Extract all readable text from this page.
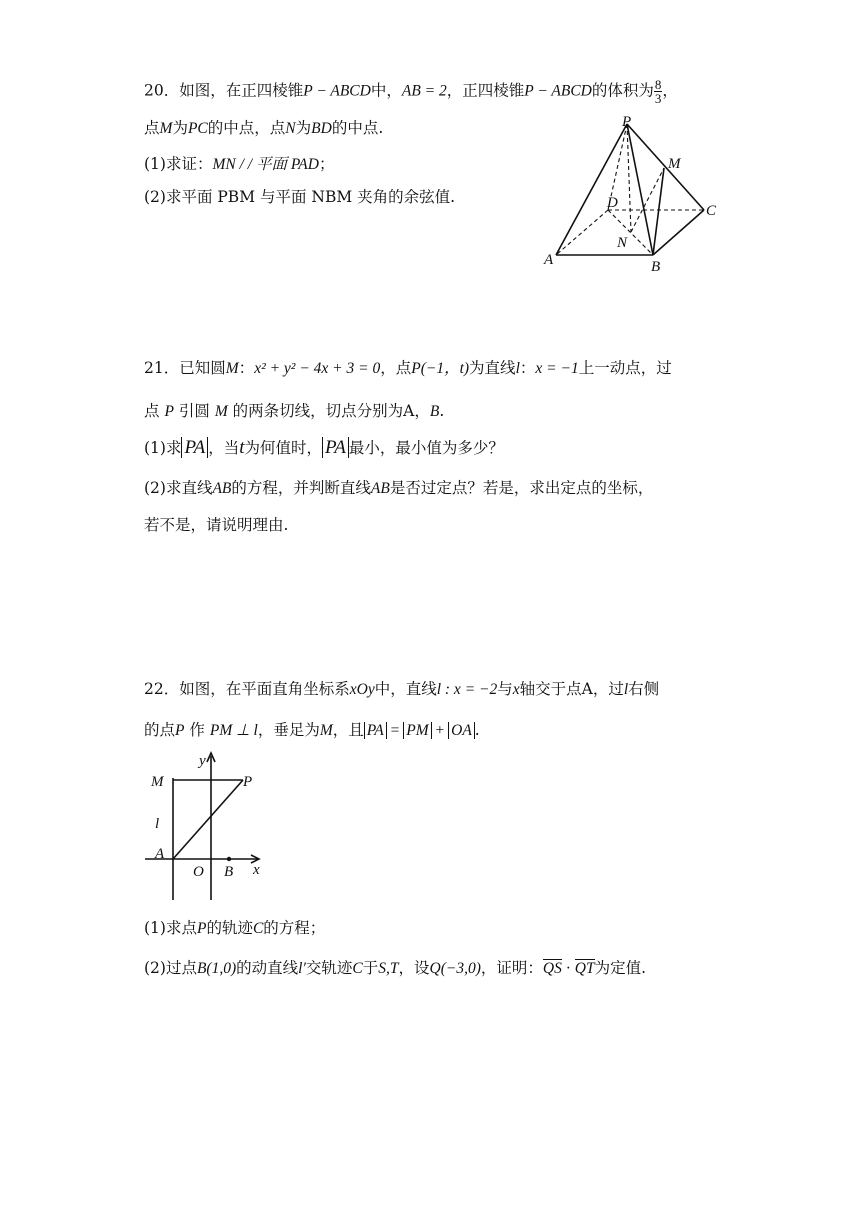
20．如图，在正四棱锥P − ABCD中，AB = 2，正四棱锥P − ABCD的体积为 $\frac{8}{3}$ ，
点M为PC的中点，点N为BD的中点.
(1)求证：MN / / 平面 PAD；
(2)求平面 PBM 与平面 NBM 夹角的余弦值.
P
M
D	C
N
A	B
21．已知圆M：x² + y² − 4x + 3 = 0，点P(−1，t)为直线l：x = −1上一动点，过
点 P 引圆 M 的两条切线，切点分别为A，B.
(1)求 PA ，当t为何值时， PA 最小，最小值为多少？
(2)求直线AB的方程，并判断直线AB是否过定点？若是，求出定点的坐标，
若不是，请说明理由.
22．如图，在平面直角坐标系xOy中，直线l : x = −2与x轴交于点A，过l右侧
的点P 作 PM ⊥ l，垂足为M，且 PA = PM + OA .
y
M	P
l
A
O B x
(1)求点P的轨迹C的方程；
(2)过点B(1,0)的动直线l′交轨迹C于S,T，设Q(−3,0)，证明：QS · QT为定值.
